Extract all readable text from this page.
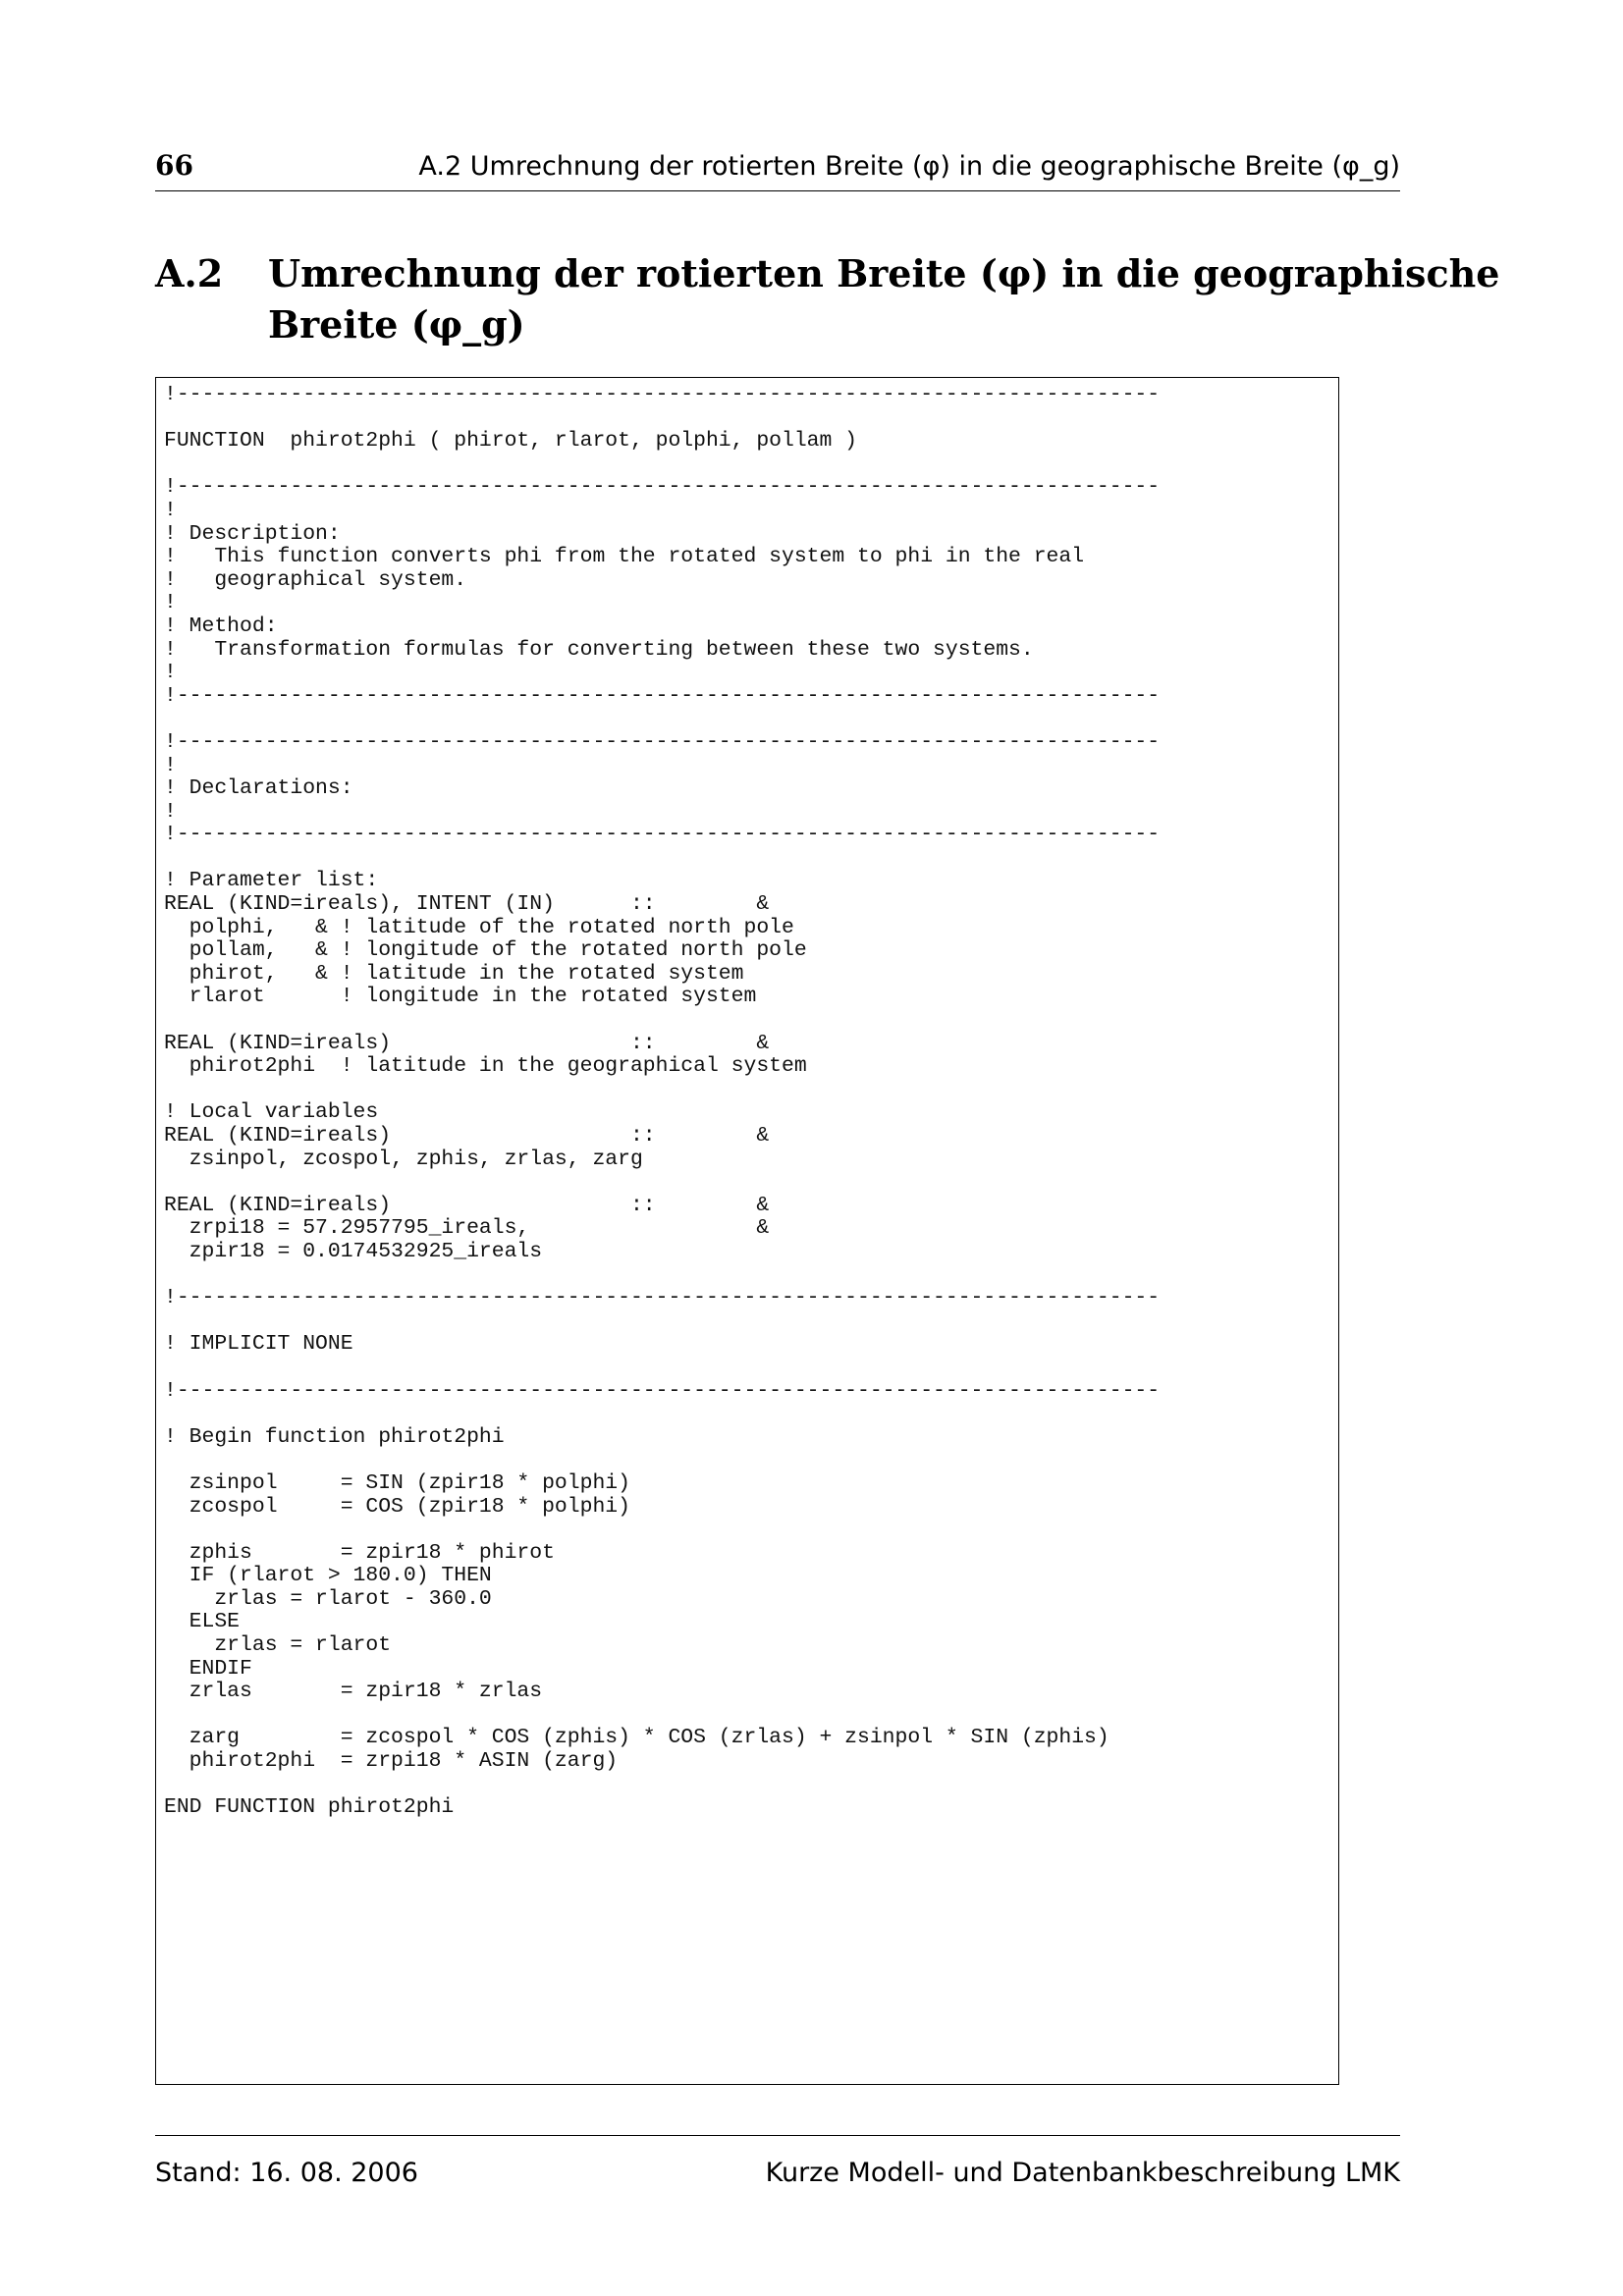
66	A.2 Umrechnung der rotierten Breite (φ) in die geographische Breite (φ_g)
A.2 Umrechnung der rotierten Breite (φ) in die geographische
Breite (φ_g)
!------------------------------------------------------------------------------

FUNCTION  phirot2phi ( phirot, rlarot, polphi, pollam )

!------------------------------------------------------------------------------
!
! Description:
!   This function converts phi from the rotated system to phi in the real
!   geographical system.
!
! Method:
!   Transformation formulas for converting between these two systems.
!
!------------------------------------------------------------------------------

!------------------------------------------------------------------------------
!
! Declarations:
!
!------------------------------------------------------------------------------

! Parameter list:
REAL (KIND=ireals), INTENT (IN)      ::        &
polphi,   & ! latitude of the rotated north pole
pollam,   & ! longitude of the rotated north pole
phirot,   & ! latitude in the rotated system
rlarot      ! longitude in the rotated system

REAL (KIND=ireals)                   ::        &
phirot2phi  ! latitude in the geographical system

! Local variables
REAL (KIND=ireals)                   ::        &
zsinpol, zcospol, zphis, zrlas, zarg

REAL (KIND=ireals)                   ::        &
zrpi18 = 57.2957795_ireals,                  &
zpir18 = 0.0174532925_ireals

!------------------------------------------------------------------------------

! IMPLICIT NONE

!------------------------------------------------------------------------------

! Begin function phirot2phi

zsinpol     = SIN (zpir18 * polphi)
zcospol     = COS (zpir18 * polphi)

zphis       = zpir18 * phirot
IF (rlarot > 180.0) THEN
zrlas = rlarot - 360.0
ELSE
zrlas = rlarot
ENDIF
zrlas       = zpir18 * zrlas

zarg        = zcospol * COS (zphis) * COS (zrlas) + zsinpol * SIN (zphis)
phirot2phi  = zrpi18 * ASIN (zarg)

END FUNCTION phirot2phi
Stand: 16. 08. 2006	Kurze Modell- und Datenbankbeschreibung LMK
